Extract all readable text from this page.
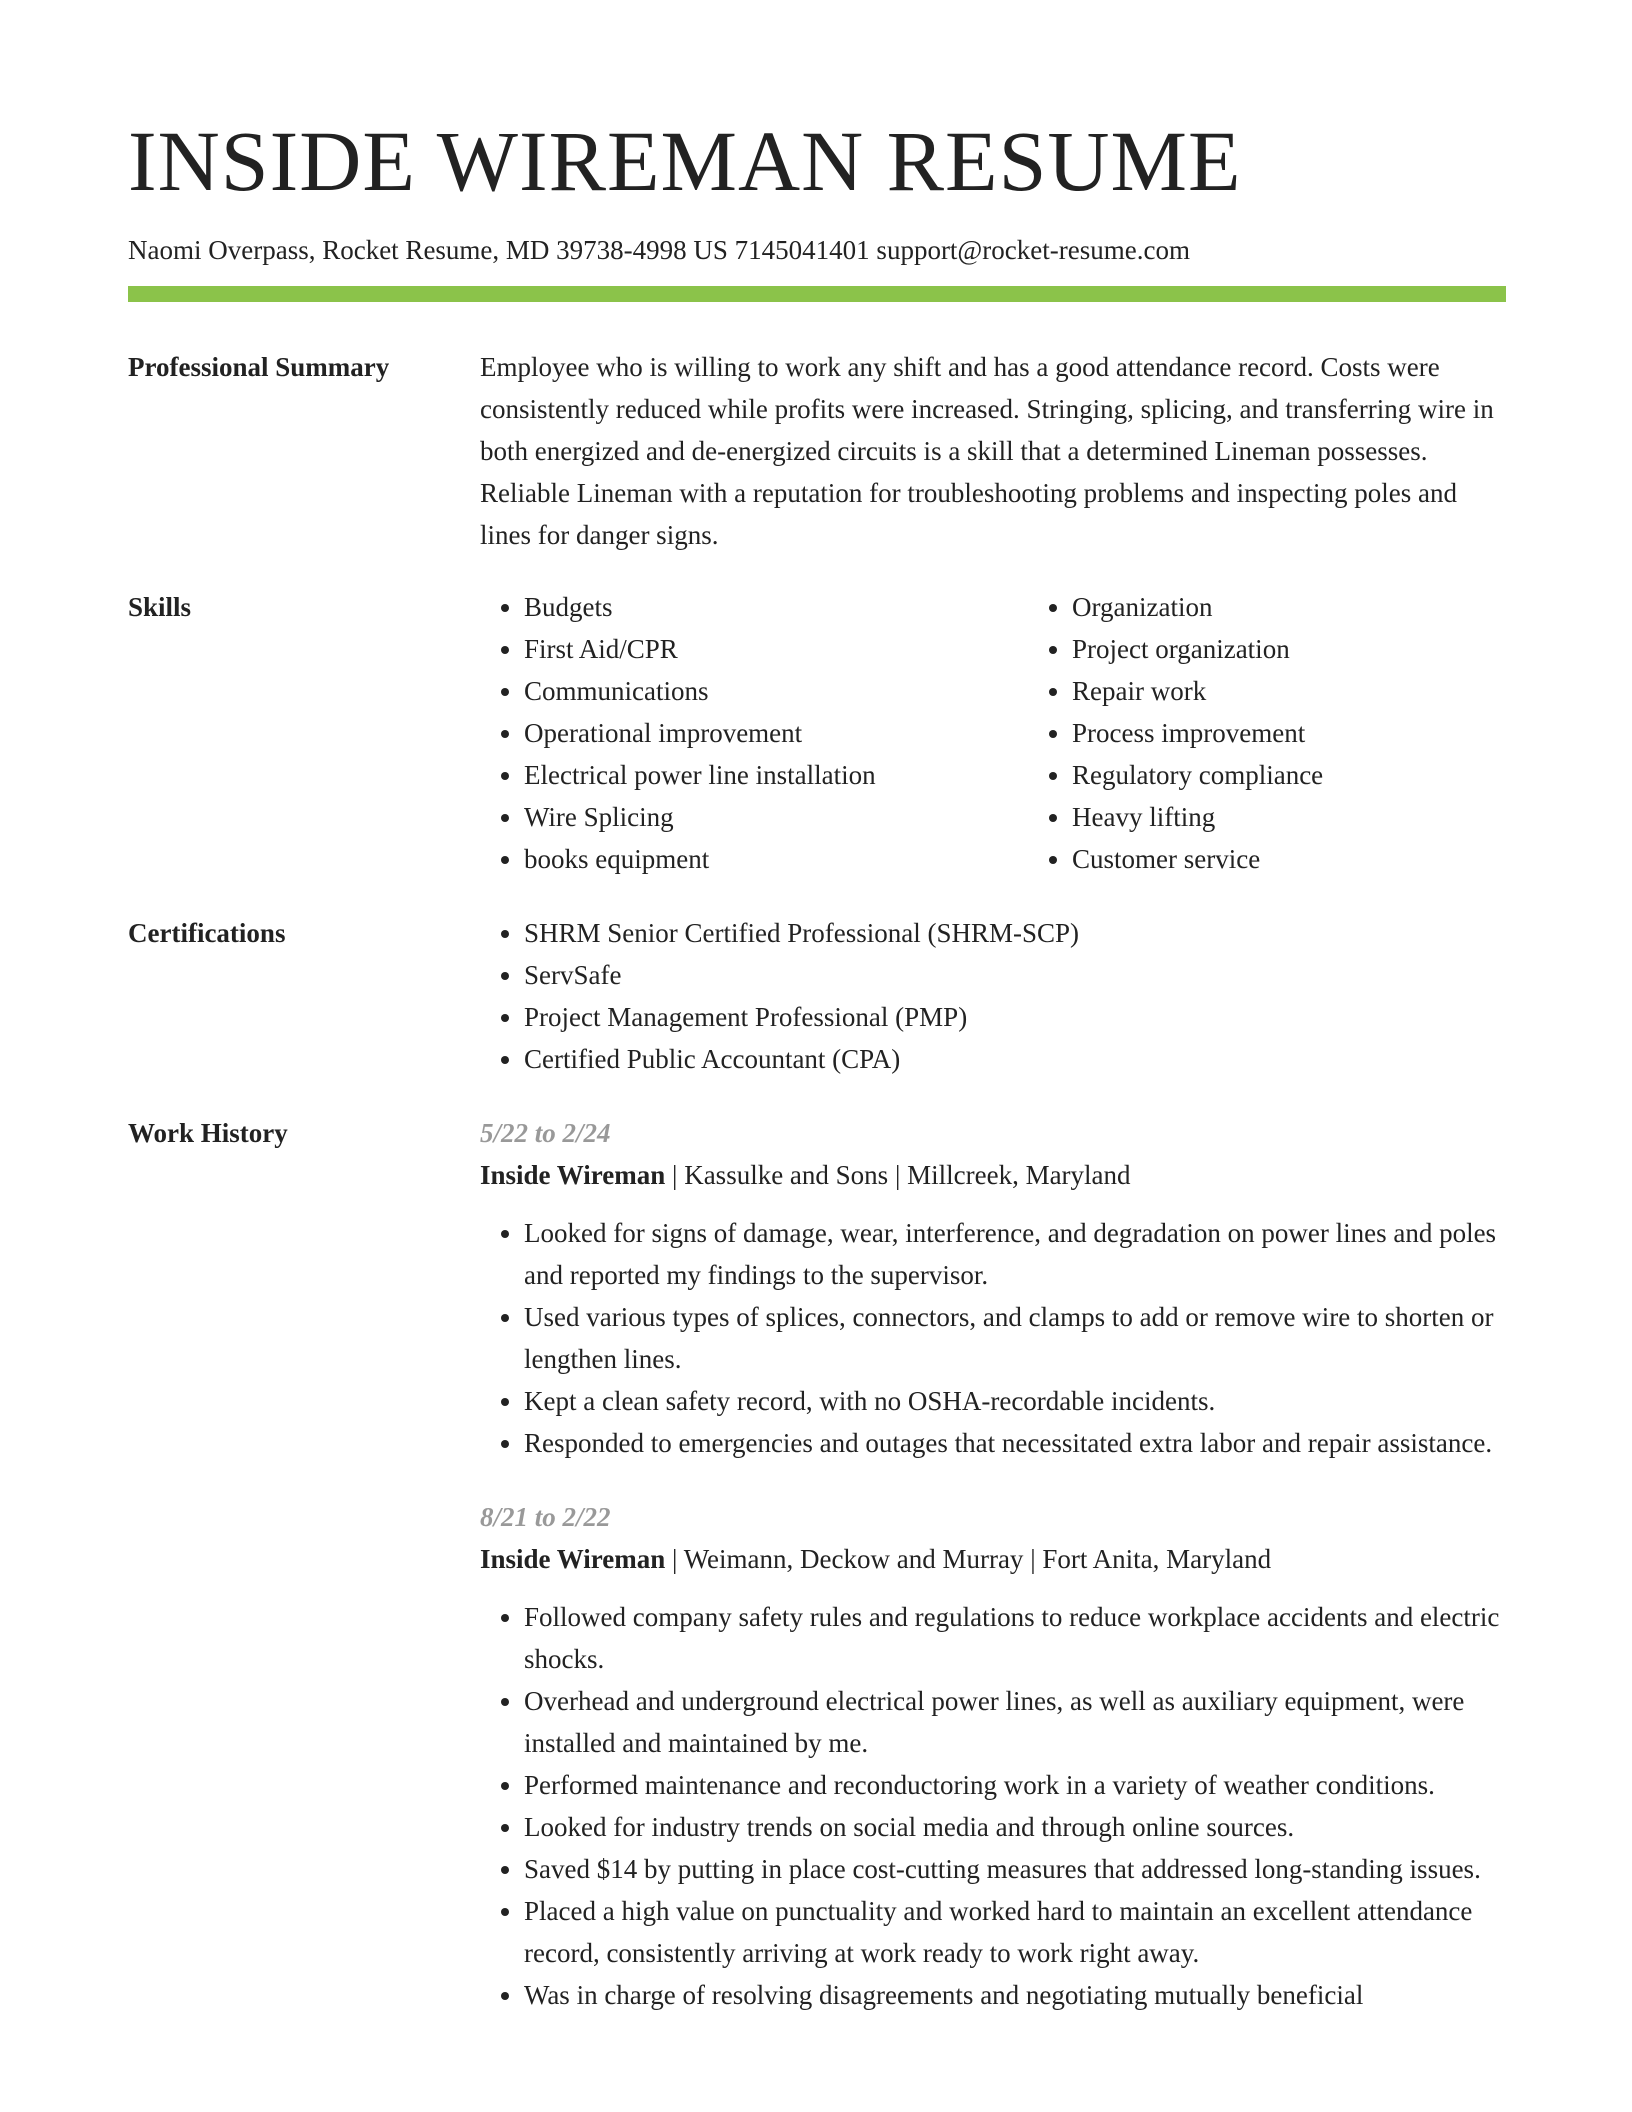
INSIDE WIREMAN RESUME
Naomi Overpass, Rocket Resume, MD 39738-4998 US 7145041401 support@rocket-resume.com
Professional Summary	Employee who is willing to work any shift and has a good attendance record. Costs were consistently reduced while profits were increased. Stringing, splicing, and transferring wire in both energized and de-energized circuits is a skill that a determined Lineman possesses. Reliable Lineman with a reputation for troubleshooting problems and inspecting poles and lines for danger signs.

Skills	• Budgets
• First Aid/CPR
• Communications
• Operational improvement
• Electrical power line installation
• Wire Splicing
• books equipment
• Organization
• Project organization
• Repair work
• Process improvement
• Regulatory compliance
• Heavy lifting
• Customer service
Certifications	• SHRM Senior Certified Professional (SHRM-SCP)
• ServSafe
• Project Management Professional (PMP)
• Certified Public Accountant (CPA)
Work History	5/22 to 2/24
Inside Wireman | Kassulke and Sons | Millcreek, Maryland
• Looked for signs of damage, wear, interference, and degradation on power lines and poles and reported my findings to the supervisor.
• Used various types of splices, connectors, and clamps to add or remove wire to shorten or lengthen lines.
• Kept a clean safety record, with no OSHA-recordable incidents.
• Responded to emergencies and outages that necessitated extra labor and repair assistance.
8/21 to 2/22
Inside Wireman | Weimann, Deckow and Murray | Fort Anita, Maryland
• Followed company safety rules and regulations to reduce workplace accidents and electric shocks.
• Overhead and underground electrical power lines, as well as auxiliary equipment, were installed and maintained by me.
• Performed maintenance and reconductoring work in a variety of weather conditions.
• Looked for industry trends on social media and through online sources.
• Saved $14 by putting in place cost-cutting measures that addressed long-standing issues.
• Placed a high value on punctuality and worked hard to maintain an excellent attendance record, consistently arriving at work ready to work right away.
• Was in charge of resolving disagreements and negotiating mutually beneficial
